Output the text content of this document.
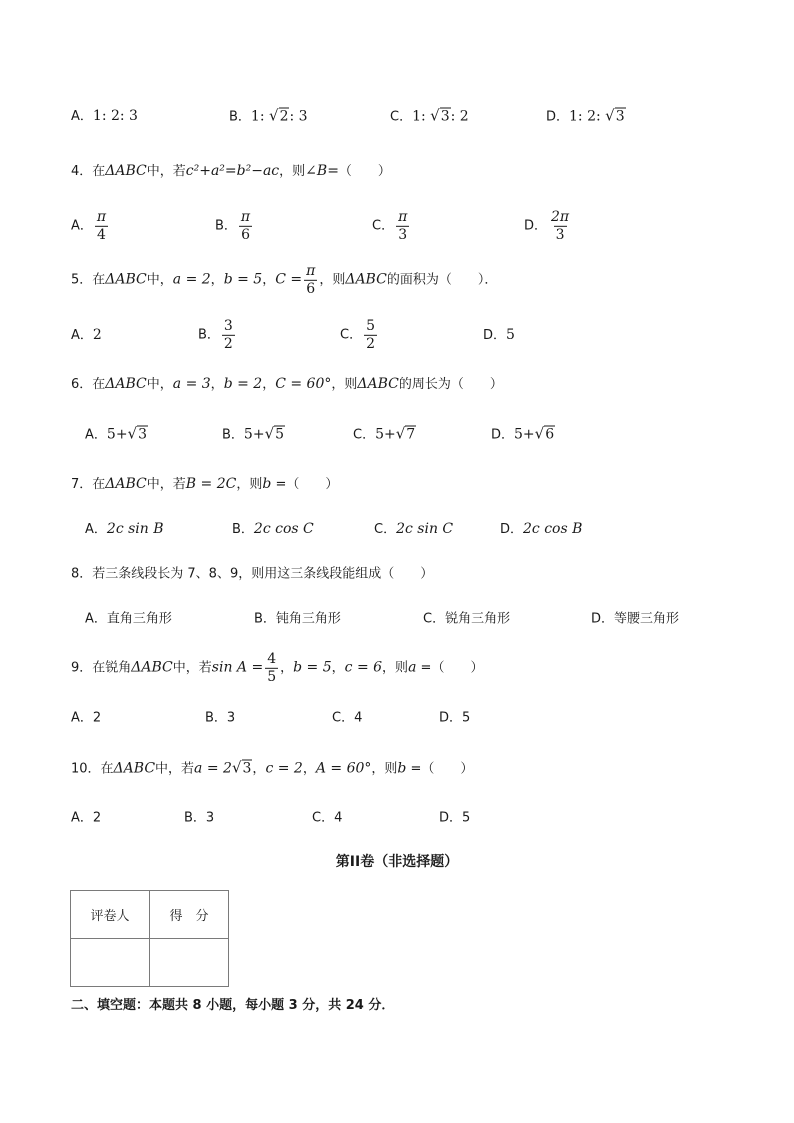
A．1: 2: 3	B．1: √2: 3	C．1: √3: 2	D．1: 2: √3
4．在ΔABC中，若c²+a²=b²−ac，则∠B=（　　）
A． $\frac{\pi}{4}$	B． $\frac{\pi}{6}$	C． $\frac{\pi}{3}$	D． $\frac{2\pi}{3}$
5．在ΔABC中，a = 2，b = 5，$C = \frac{\pi}{6}$ ，则ΔABC的面积为（　　）．
A．2	B． $\frac{3}{2}$	C． $\frac{5}{2}$	D．5
6．在ΔABC中，a = 3，b = 2，C = 60°，则ΔABC的周长为（　　）
A．5+√3	B．5+√5	C．5+√7	D．5+√6
7．在ΔABC中，若B = 2C，则b =（　　）
A．2c sin B	B．2c cos C	C．2c sin C	D．2c cos B
8．若三条线段长为 7、8、9，则用这三条线段能组成（　　）
A．直角三角形	B．钝角三角形	C．锐角三角形	D．等腰三角形
9．在锐角ΔABC中，若$\sin A = \frac{4}{5}$ ，b = 5，c = 6，则a =（　　）
A．2	B．3	C．4	D．5
10．在ΔABC中，若a = 2√3，c = 2，A = 60°，则b =（　　）
A．2	B．3	C．4	D．5
第II卷（非选择题）
评卷人	得　分

二、填空题：本题共 8 小题，每小题 3 分，共 24 分．
